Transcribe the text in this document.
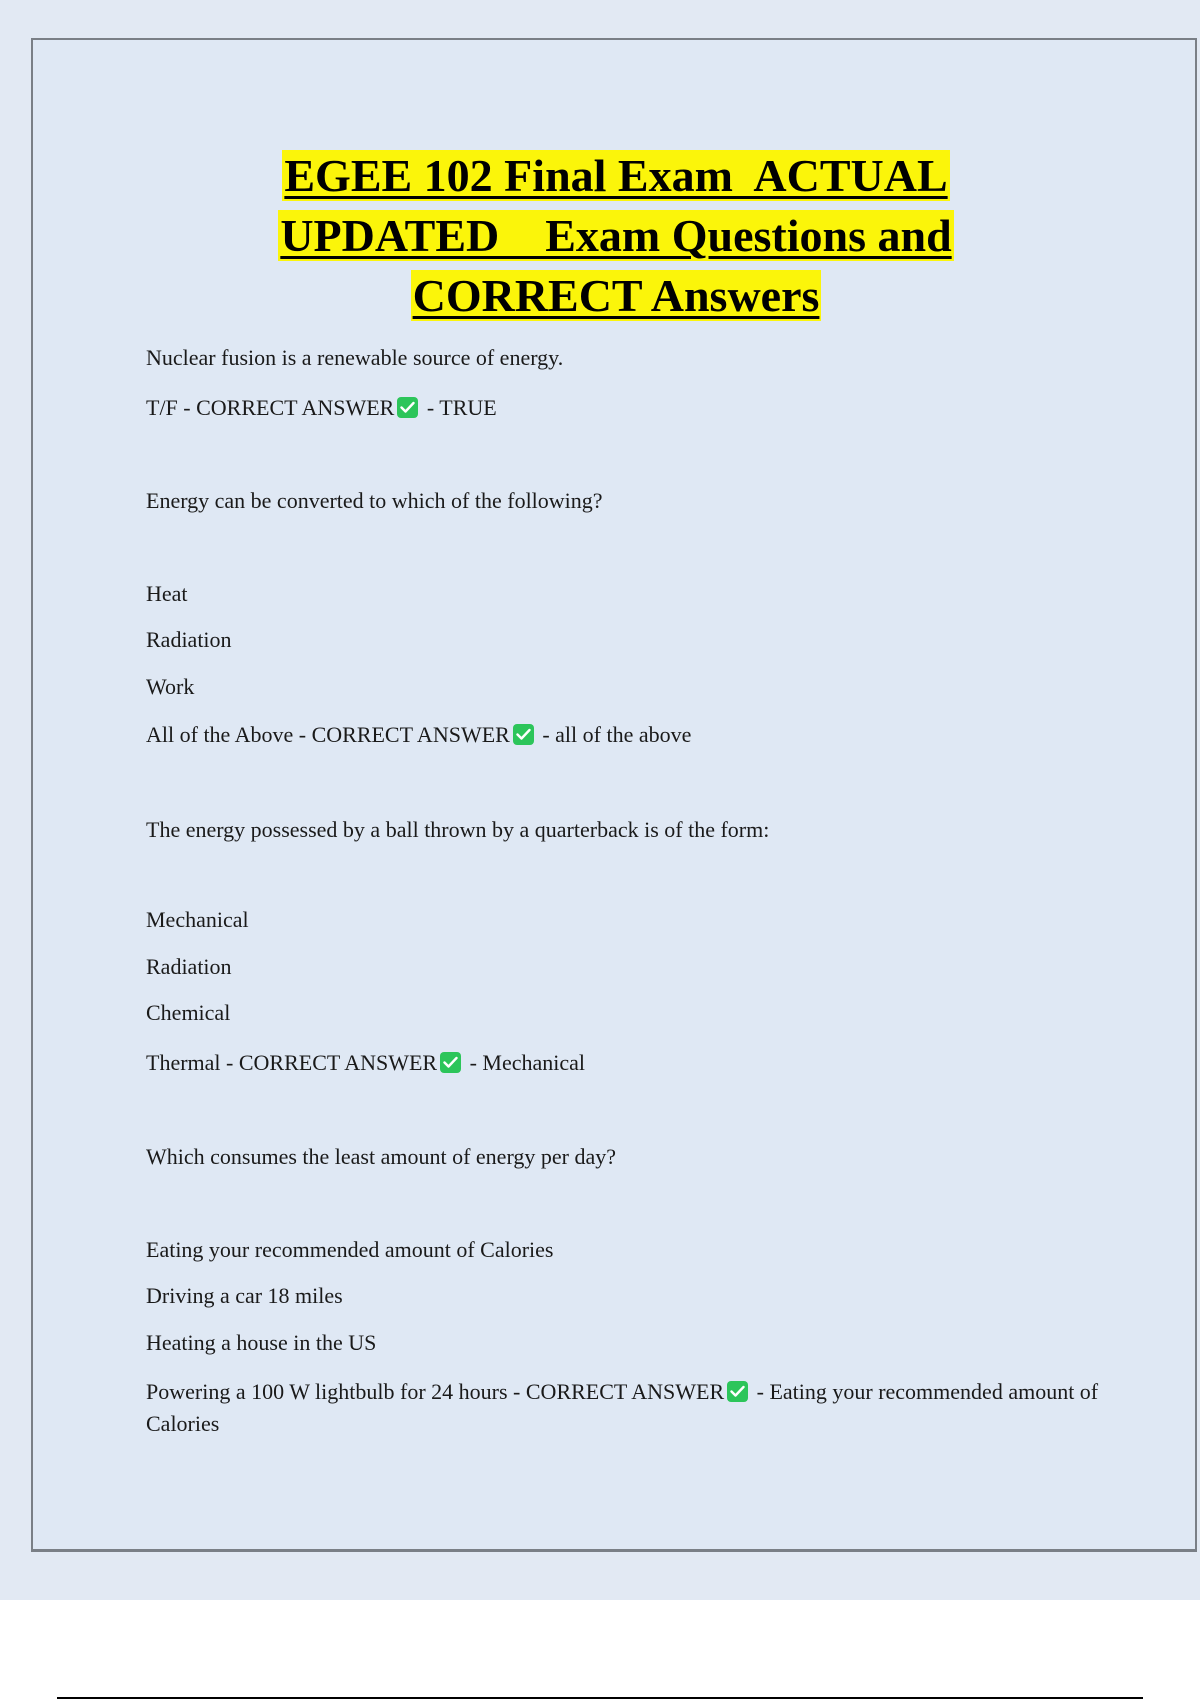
EGEE 102 Final Exam  ACTUAL
UPDATED    Exam Questions and
CORRECT Answers

Nuclear fusion is a renewable source of energy.

T/F - CORRECT ANSWER
- TRUE

Energy can be converted to which of the following?

Heat

Radiation

Work

All of the Above - CORRECT ANSWER
- all of the above

The energy possessed by a ball thrown by a quarterback is of the form:

Mechanical

Radiation

Chemical

Thermal - CORRECT ANSWER
- Mechanical

Which consumes the least amount of energy per day?

Eating your recommended amount of Calories

Driving a car 18 miles

Heating a house in the US

Powering a 100 W lightbulb for 24 hours - CORRECT ANSWER
- Eating your recommended amount of Calories
